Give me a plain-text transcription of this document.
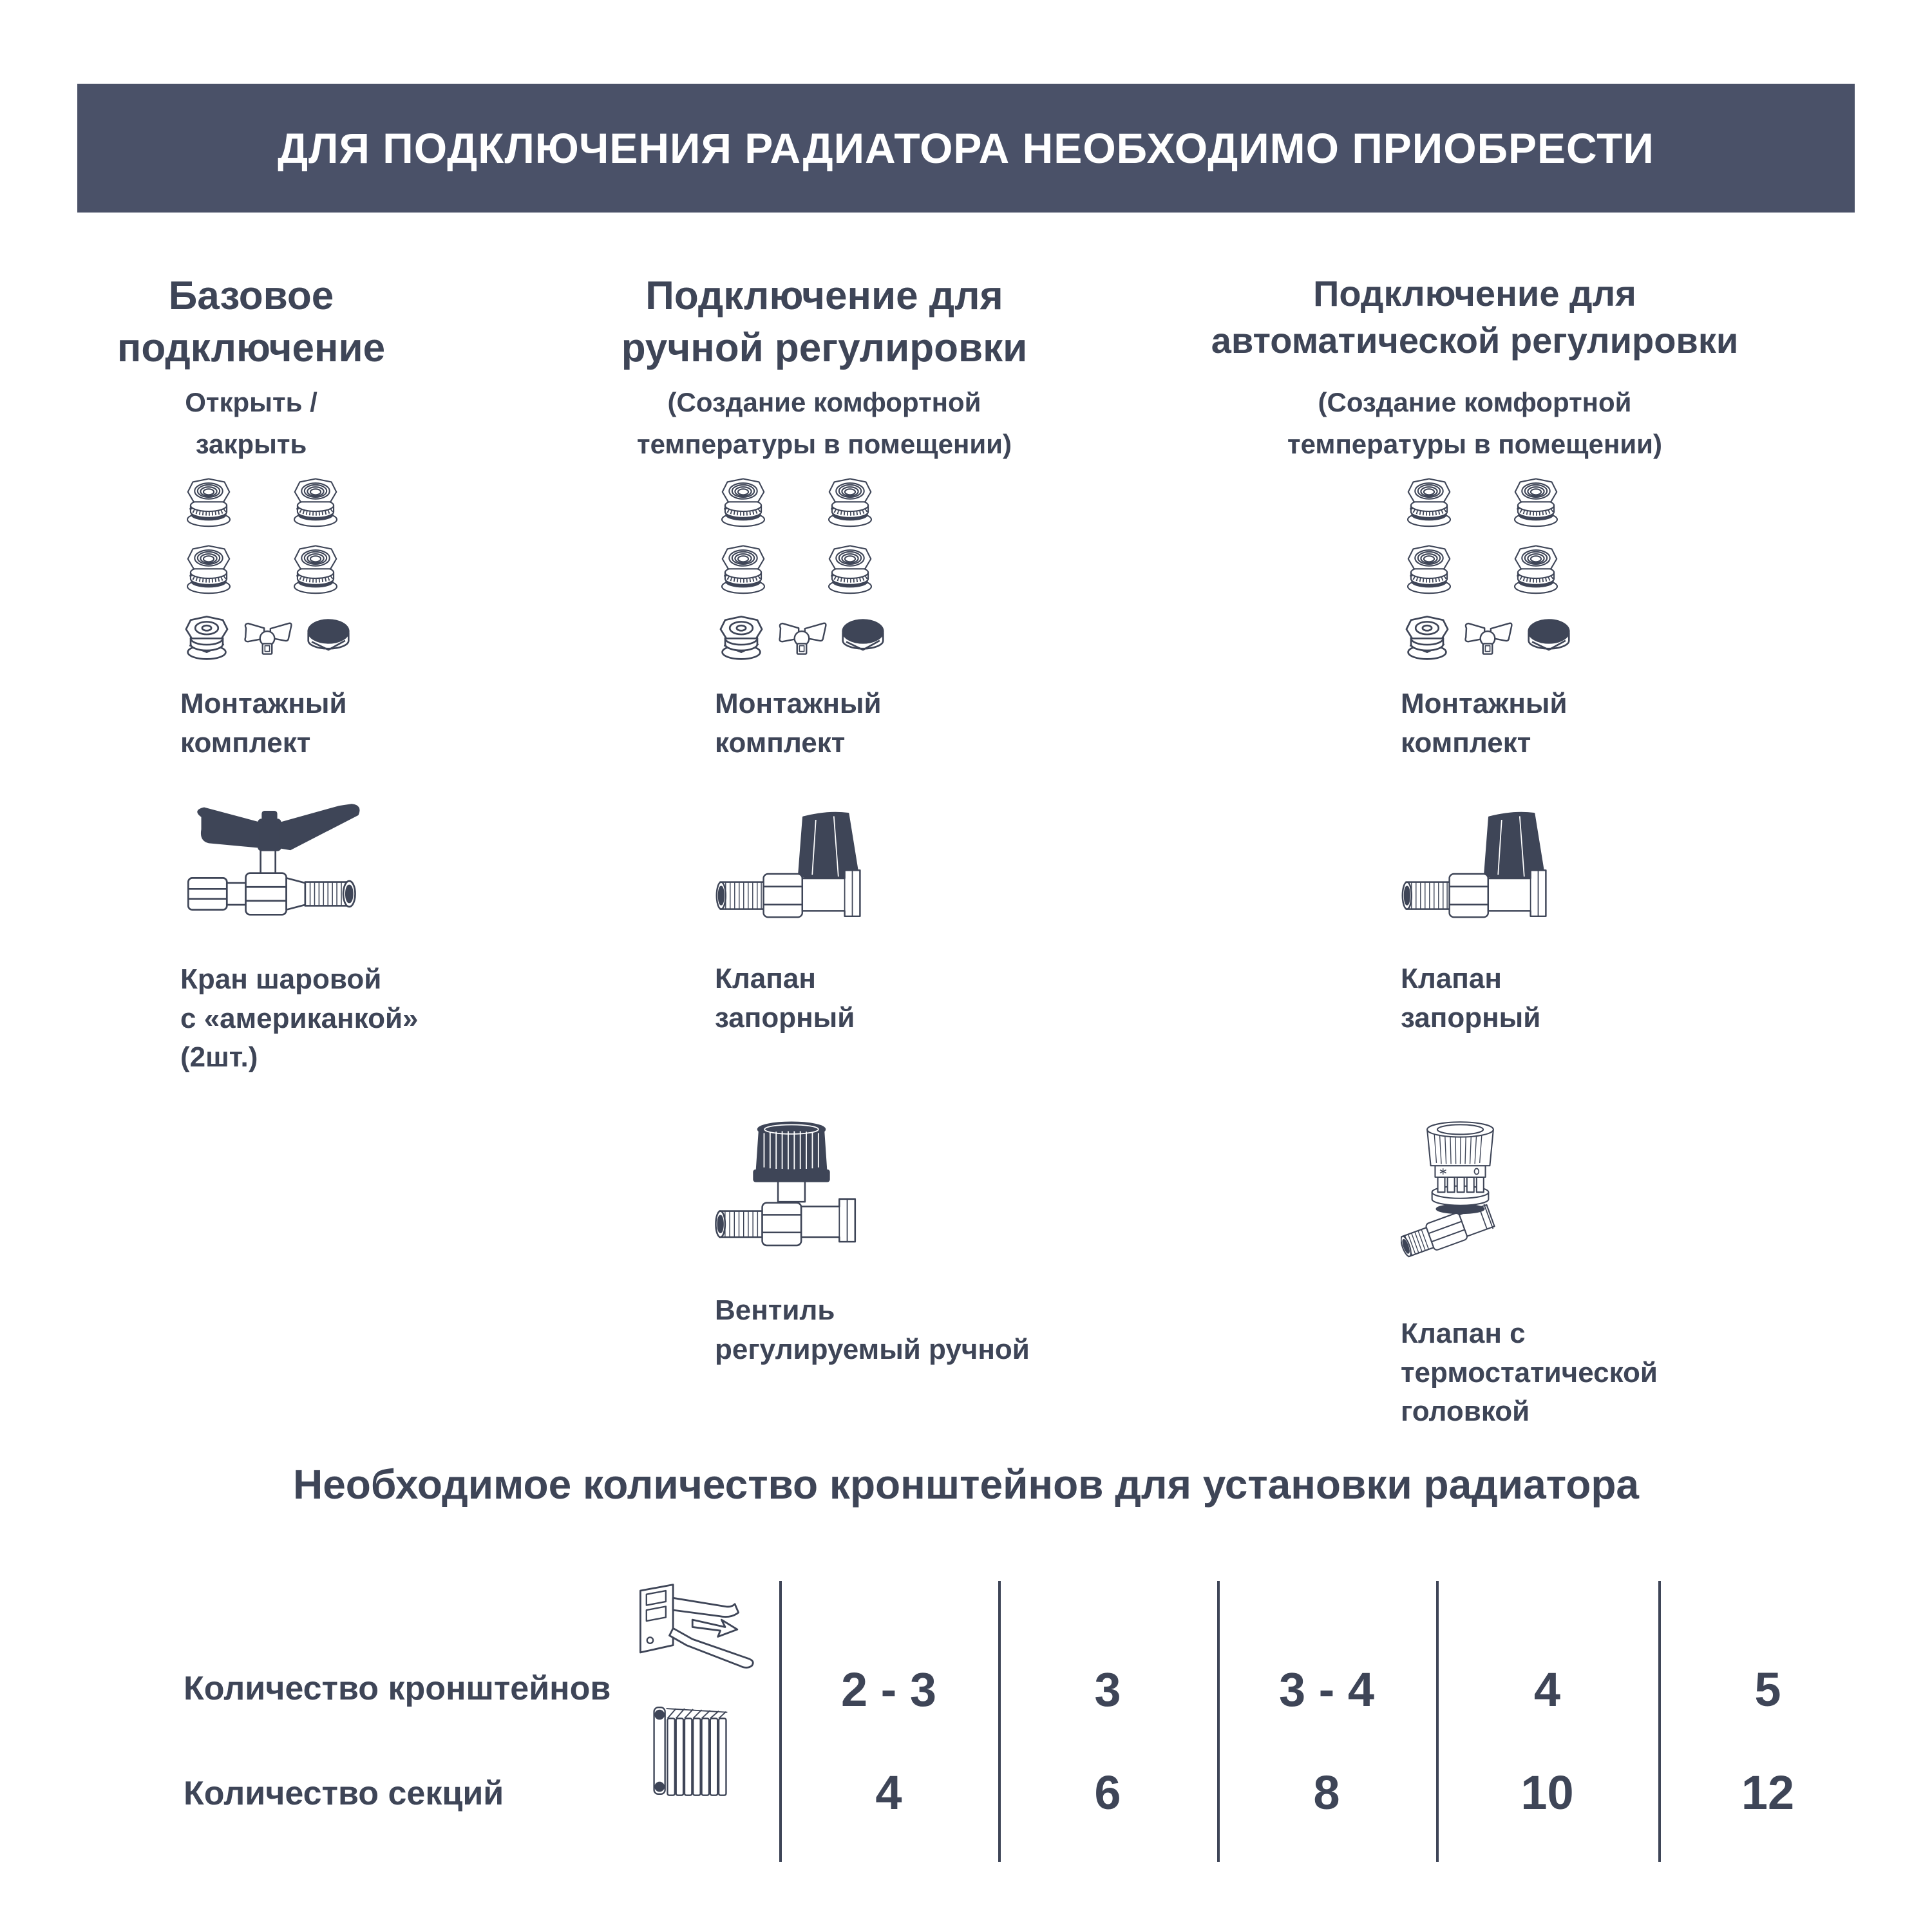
ДЛЯ ПОДКЛЮЧЕНИЯ РАДИАТОРА НЕОБХОДИМО ПРИОБРЕСТИ
Базовое
подключение
Открыть /
закрыть
Монтажный
комплект
Кран шаровой
с «американкой»
(2шт.)
Подключение для
ручной регулировки
(Создание комфортной
температуры в помещении)
Монтажный
комплект
Клапан
запорный
Вентиль
регулируемый ручной
Подключение для
автоматической регулировки
(Создание комфортной
температуры в помещении)
Монтажный
комплект
Клапан
запорный
Клапан с
термостатической
головкой
Необходимое количество кронштейнов для установки радиатора
Количество кронштейнов
Количество секций
2 - 3	3	3 - 4	4	5
4	6	8	10	12
